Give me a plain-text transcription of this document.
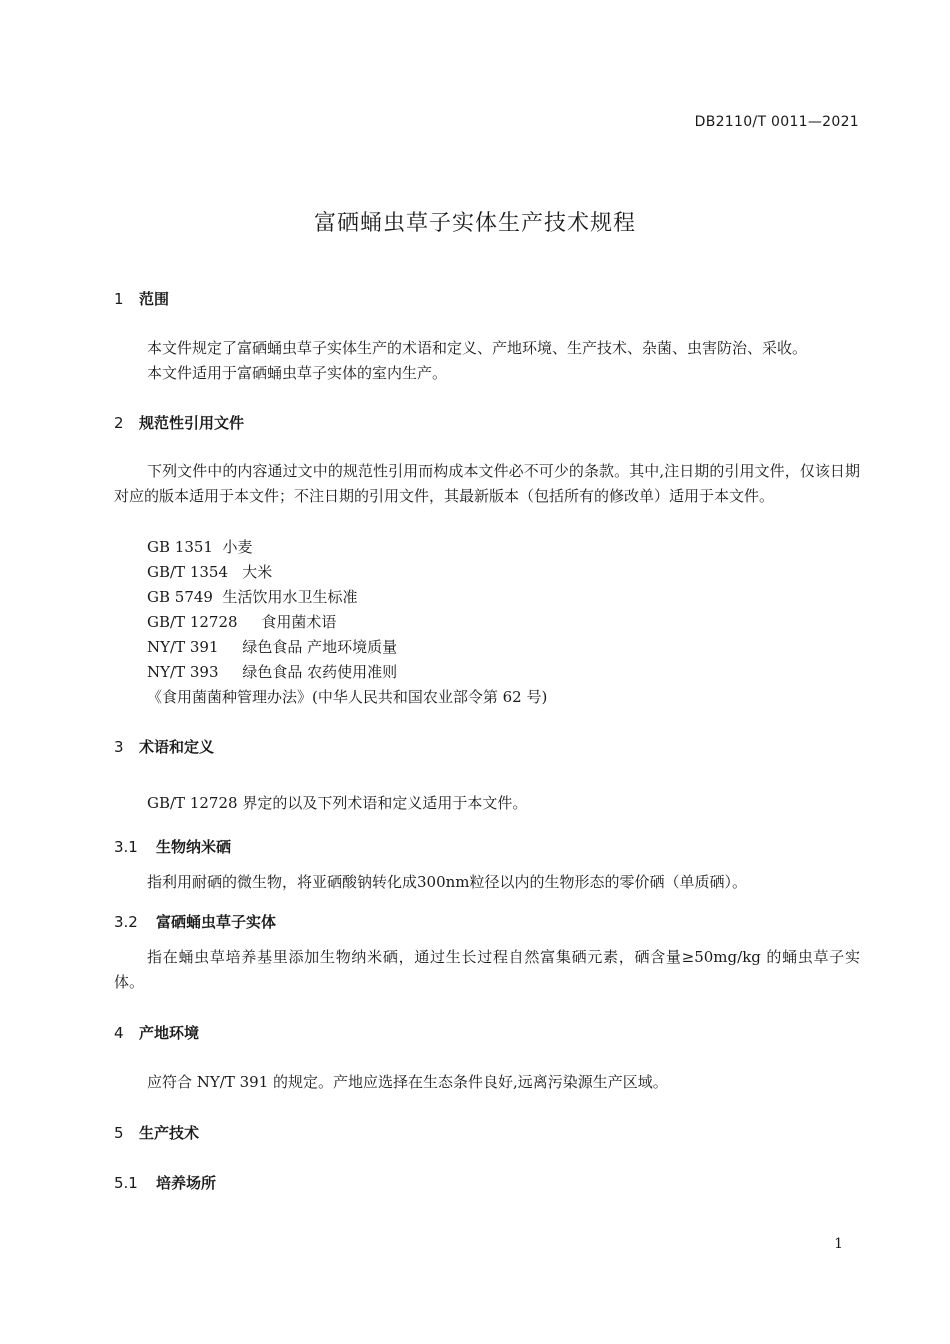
DB2110/T 0011—2021
富硒蛹虫草子实体生产技术规程
1 范围
本文件规定了富硒蛹虫草子实体生产的术语和定义、产地环境、生产技术、杂菌、虫害防治、采收。
本文件适用于富硒蛹虫草子实体的室内生产。
2 规范性引用文件
下列文件中的内容通过文中的规范性引用而构成本文件必不可少的条款。其中,注日期的引用文件，仅该日期对应的版本适用于本文件；不注日期的引用文件，其最新版本（包括所有的修改单）适用于本文件。
GB 1351  小麦
GB/T 1354   大米
GB 5749  生活饮用水卫生标准
GB/T 12728     食用菌术语
NY/T 391     绿色食品 产地环境质量
NY/T 393     绿色食品 农药使用准则
《食用菌菌种管理办法》(中华人民共和国农业部令第 62 号)
3 术语和定义
GB/T 12728 界定的以及下列术语和定义适用于本文件。
3.1 生物纳米硒
指利用耐硒的微生物，将亚硒酸钠转化成300nm粒径以内的生物形态的零价硒（单质硒）。
3.2 富硒蛹虫草子实体
指在蛹虫草培养基里添加生物纳米硒，通过生长过程自然富集硒元素，硒含量≥50mg/kg 的蛹虫草子实体。
4 产地环境
应符合 NY/T 391 的规定。产地应选择在生态条件良好,远离污染源生产区域。
5 生产技术
5.1 培养场所
1
